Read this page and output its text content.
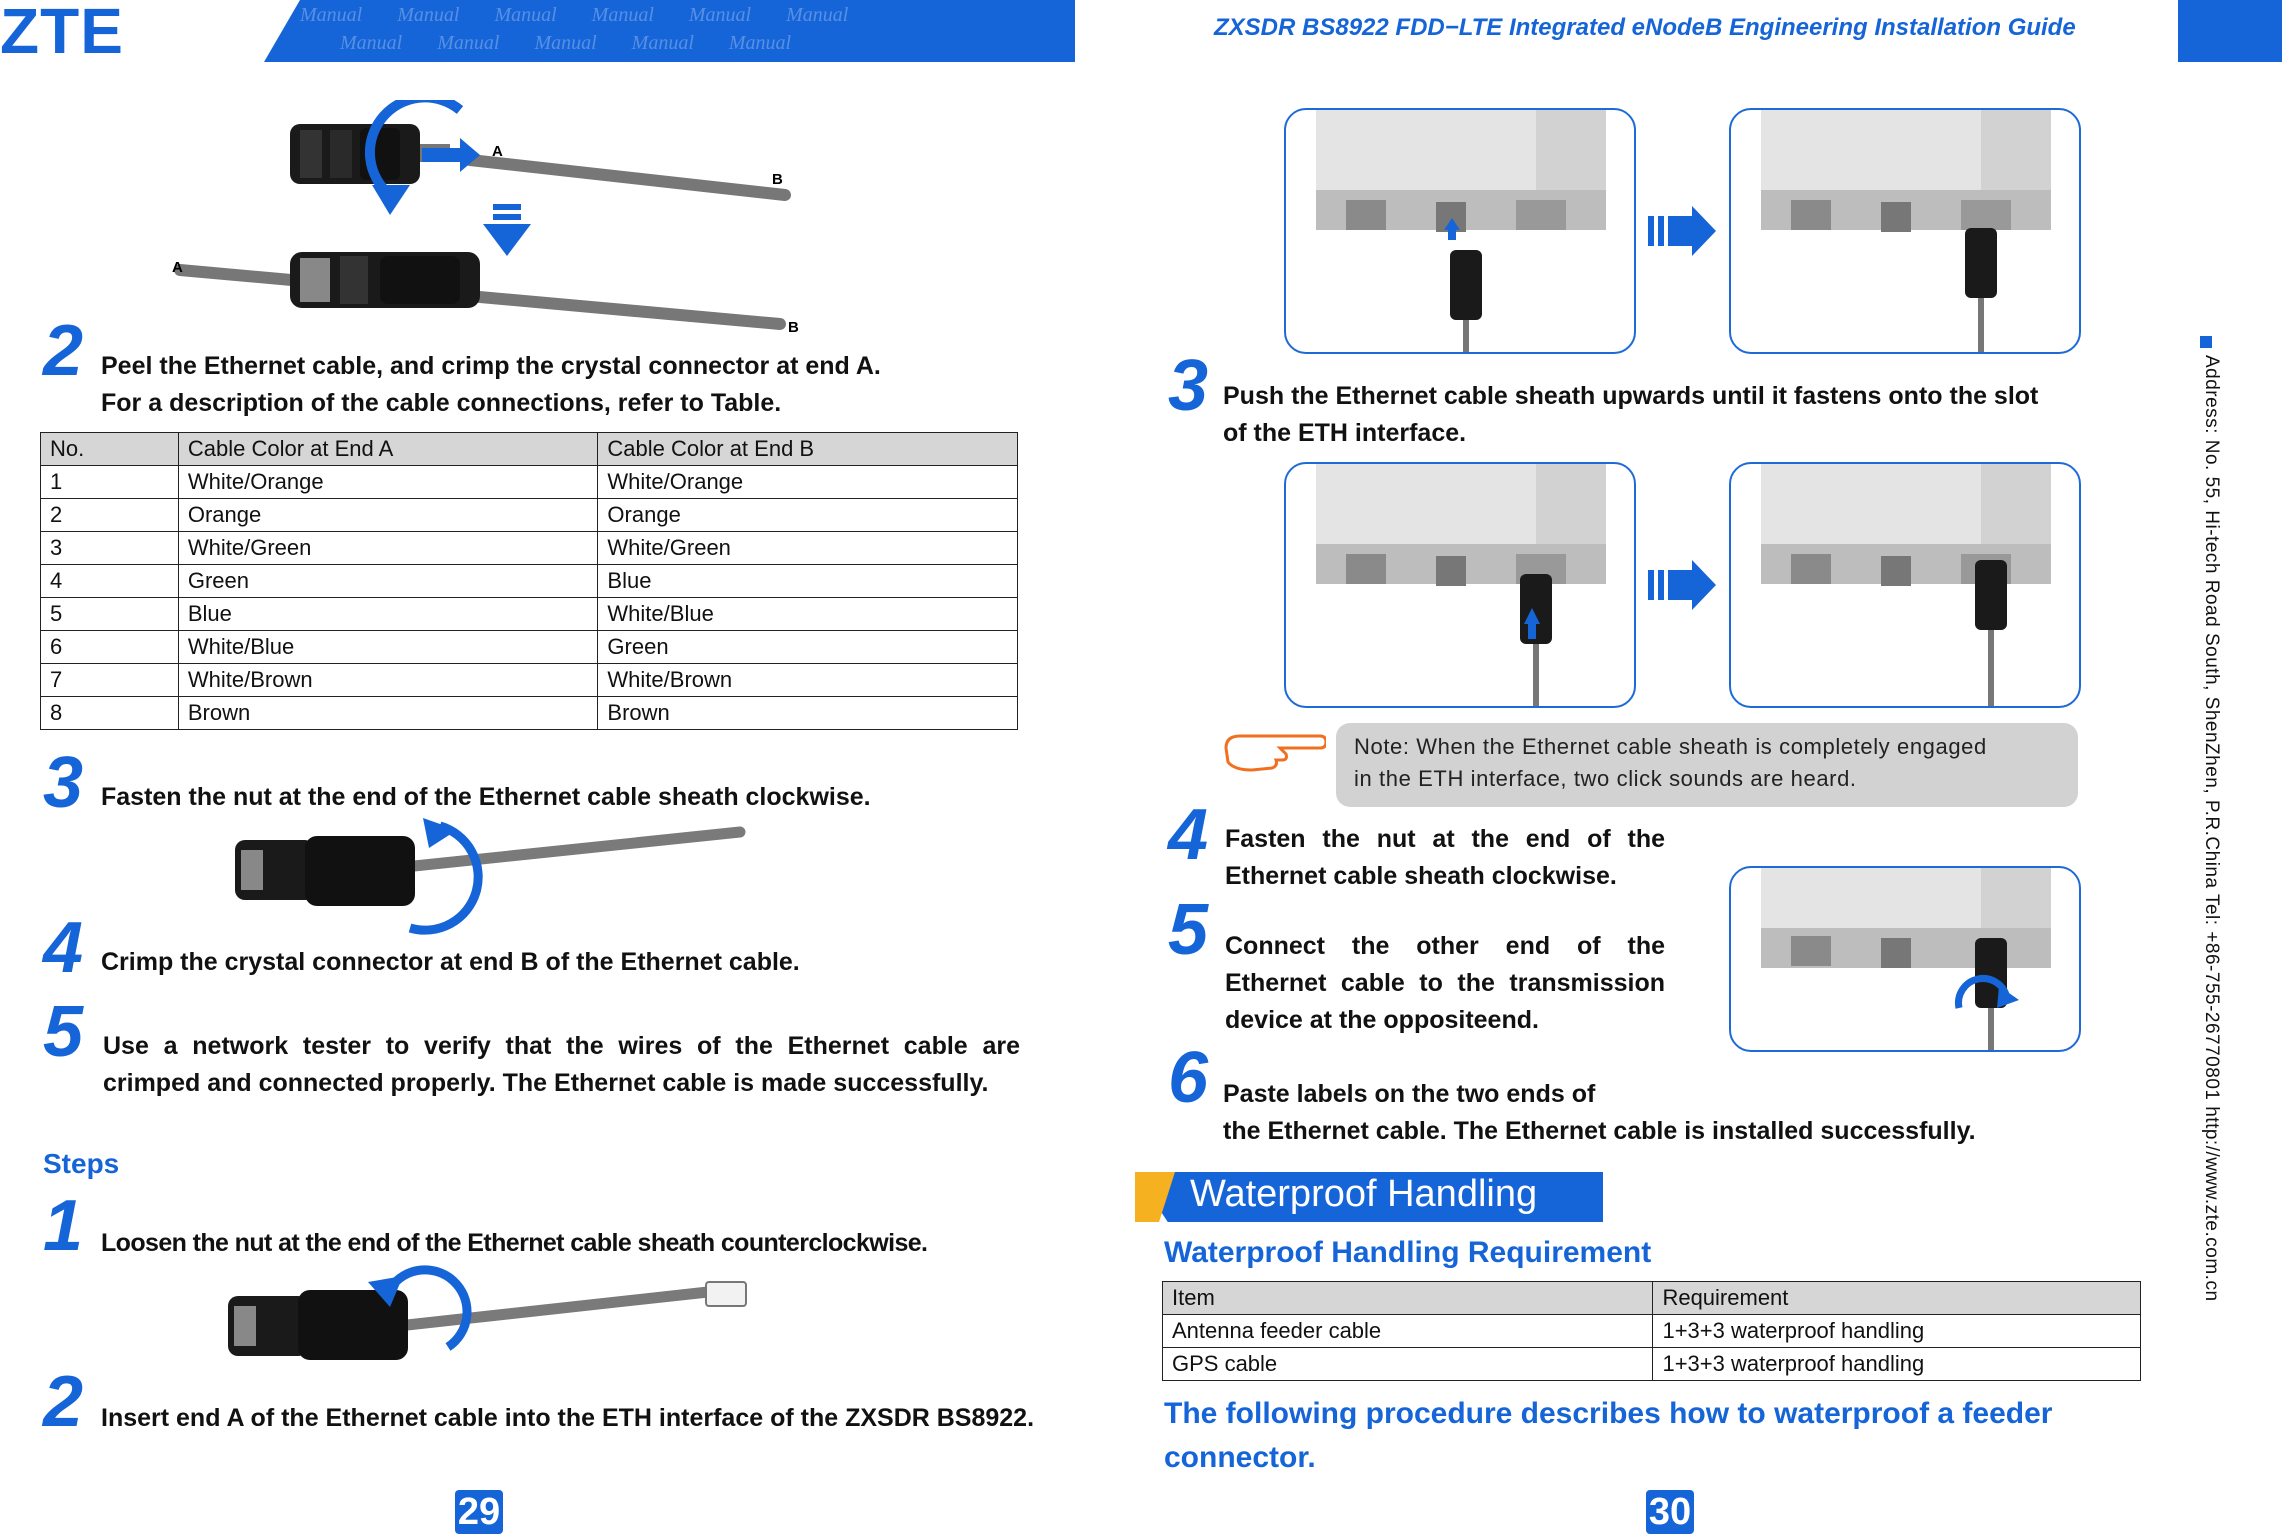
Manual Manual Manual Manual Manual Manual
Manual Manual Manual Manual Manual
ZTE	ZXSDR BS8922 FDD−LTE Integrated eNodeB Engineering Installation Guide
A
B
A
B
2 Peel the Ethernet cable, and crimp the crystal connector at end A.
For a description of the cable connections, refer to Table.
No.	Cable Color at End A	Cable Color at End B
1	White/Orange	White/Orange
2	Orange	Orange
3	White/Green	White/Green
4	Green	Blue
5	Blue	White/Blue
6	White/Blue	Green
7	White/Brown	White/Brown
8	Brown	Brown
3 Fasten the nut at the end of the Ethernet cable sheath clockwise.
4 Crimp the crystal connector at end B of the Ethernet cable.
5 Use a network tester to verify that the wires of the Ethernet cable are crimped and connected properly. The Ethernet cable is made successfully.
Steps
1 Loosen the nut at the end of the Ethernet cable sheath counterclockwise.
2 Insert end A of the Ethernet cable into the ETH interface of the ZXSDR BS8922.
29
3 Push the Ethernet cable sheath upwards until it fastens onto the slot
of the ETH interface.
Note: When the Ethernet cable sheath is completely engaged
in the ETH interface, two click sounds are heard.
4 Fasten the nut at the end of the Ethernet cable sheath clockwise.
5 Connect the other end of the Ethernet cable to the transmission device at the oppositeend.
6 Paste labels on the two ends of
the Ethernet cable. The Ethernet cable is installed successfully.
Waterproof Handling
Waterproof Handling Requirement
Item	Requirement
Antenna feeder cable	1+3+3 waterproof handling
GPS cable	1+3+3 waterproof handling
The following procedure describes how to waterproof a feeder connector.
30
Address: No. 55, Hi-tech Road South, ShenZhen, P.R.China Tel: +86-755-26770801 http://www.zte.com.cn
